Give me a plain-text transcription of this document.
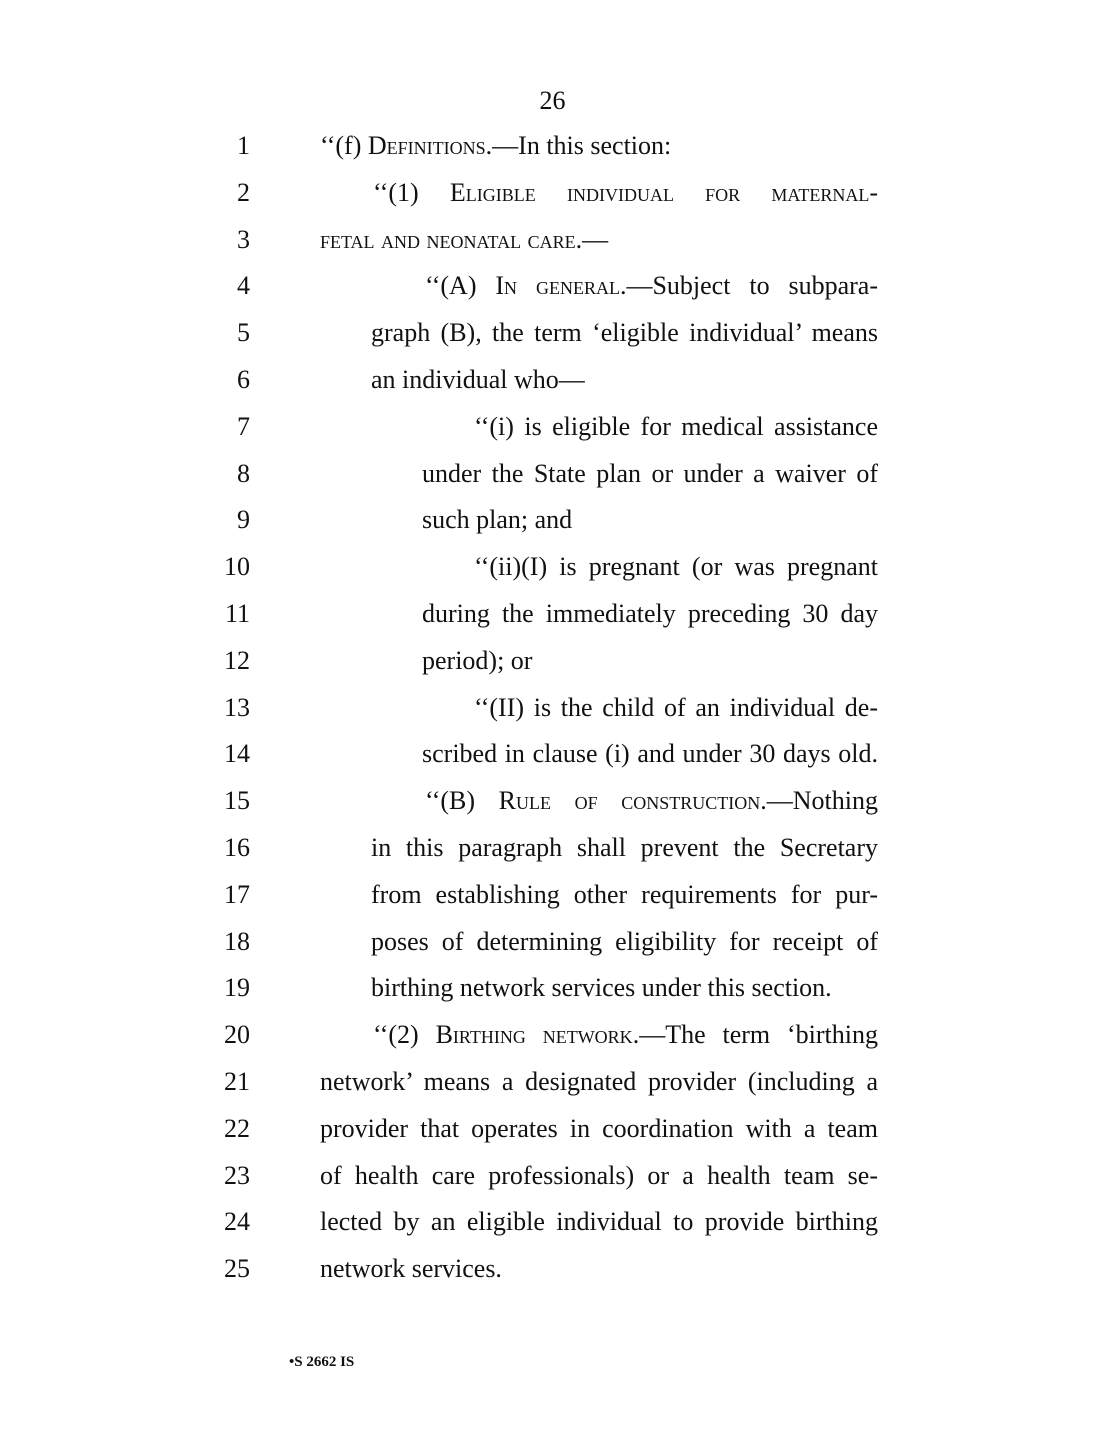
26
1	‘‘(f) Definitions.—In this section:
2	‘‘(1) Eligible individual for maternal-
3	fetal and neonatal care.—
4	‘‘(A) In general.—Subject to subpara-
5	graph (B), the term ‘eligible individual’ means
6	an individual who—
7	‘‘(i) is eligible for medical assistance
8	under the State plan or under a waiver of
9	such plan; and
10	‘‘(ii)(I) is pregnant (or was pregnant
11	during the immediately preceding 30 day
12	period); or
13	‘‘(II) is the child of an individual de-
14	scribed in clause (i) and under 30 days old.
15	‘‘(B) Rule of construction.—Nothing
16	in this paragraph shall prevent the Secretary
17	from establishing other requirements for pur-
18	poses of determining eligibility for receipt of
19	birthing network services under this section.
20	‘‘(2) Birthing network.—The term ‘birthing
21	network’ means a designated provider (including a
22	provider that operates in coordination with a team
23	of health care professionals) or a health team se-
24	lected by an eligible individual to provide birthing
25	network services.
•S 2662 IS
